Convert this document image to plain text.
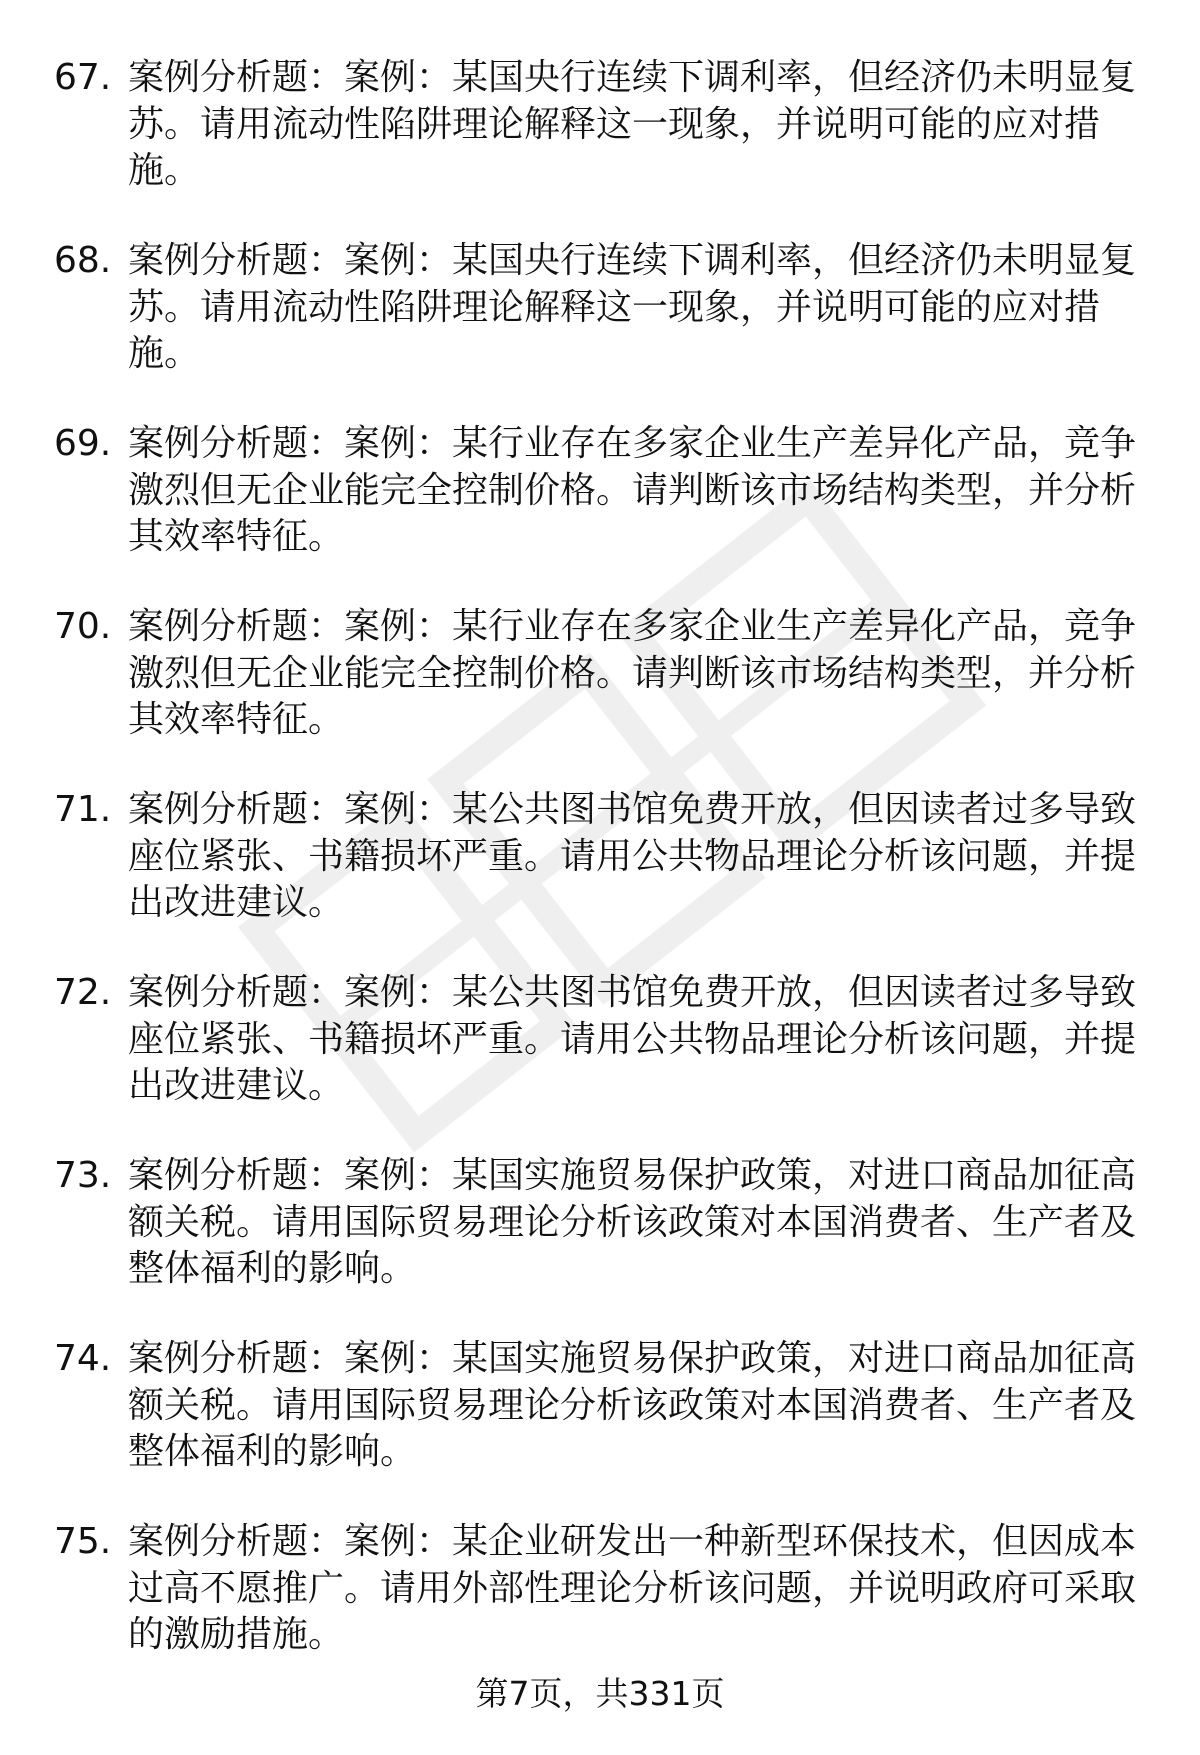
67. 案例分析题：案例：某国央行连续下调利率，但经济仍未明显复苏。请用流动性陷阱理论解释这一现象，并说明可能的应对措施。
68. 案例分析题：案例：某国央行连续下调利率，但经济仍未明显复苏。请用流动性陷阱理论解释这一现象，并说明可能的应对措施。
69. 案例分析题：案例：某行业存在多家企业生产差异化产品，竞争激烈但无企业能完全控制价格。请判断该市场结构类型，并分析其效率特征。
70. 案例分析题：案例：某行业存在多家企业生产差异化产品，竞争激烈但无企业能完全控制价格。请判断该市场结构类型，并分析其效率特征。
71. 案例分析题：案例：某公共图书馆免费开放，但因读者过多导致座位紧张、书籍损坏严重。请用公共物品理论分析该问题，并提出改进建议。
72. 案例分析题：案例：某公共图书馆免费开放，但因读者过多导致座位紧张、书籍损坏严重。请用公共物品理论分析该问题，并提出改进建议。
73. 案例分析题：案例：某国实施贸易保护政策，对进口商品加征高额关税。请用国际贸易理论分析该政策对本国消费者、生产者及整体福利的影响。
74. 案例分析题：案例：某国实施贸易保护政策，对进口商品加征高额关税。请用国际贸易理论分析该政策对本国消费者、生产者及整体福利的影响。
75. 案例分析题：案例：某企业研发出一种新型环保技术，但因成本过高不愿推广。请用外部性理论分析该问题，并说明政府可采取的激励措施。
第7页，共331页
